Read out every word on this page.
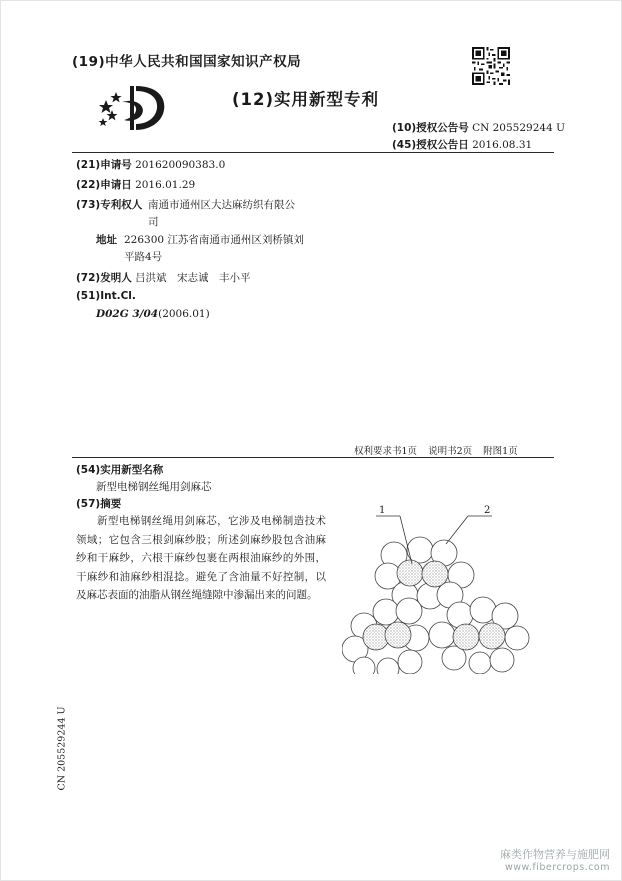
(19)中华人民共和国国家知识产权局
(12)实用新型专利
(10)授权公告号 CN 205529244 U
(45)授权公告日 2016.08.31
(21)申请号 201620090383.0
(22)申请日 2016.01.29
(73)专利权人 南通市通州区大达麻纺织有限公
司
地址 226300 江苏省南通市通州区刘桥镇刘
平路4号
(72)发明人 吕洪斌　宋志诚　丰小平
(51)Int.Cl.
D02G 3/04(2006.01)
权利要求书1页 说明书2页 附图1页
(54)实用新型名称
新型电梯钢丝绳用剑麻芯
(57)摘要
新型电梯钢丝绳用剑麻芯，它涉及电梯制造技术领域；它包含三根剑麻纱股；所述剑麻纱股包含油麻纱和干麻纱，六根干麻纱包裹在两根油麻纱的外围，干麻纱和油麻纱相混捻。避免了含油量不好控制，以及麻芯表面的油脂从钢丝绳缝隙中渗漏出来的问题。
1	2
CN 205529244 U
麻类作物营养与施肥网
www.fibercrops.com
